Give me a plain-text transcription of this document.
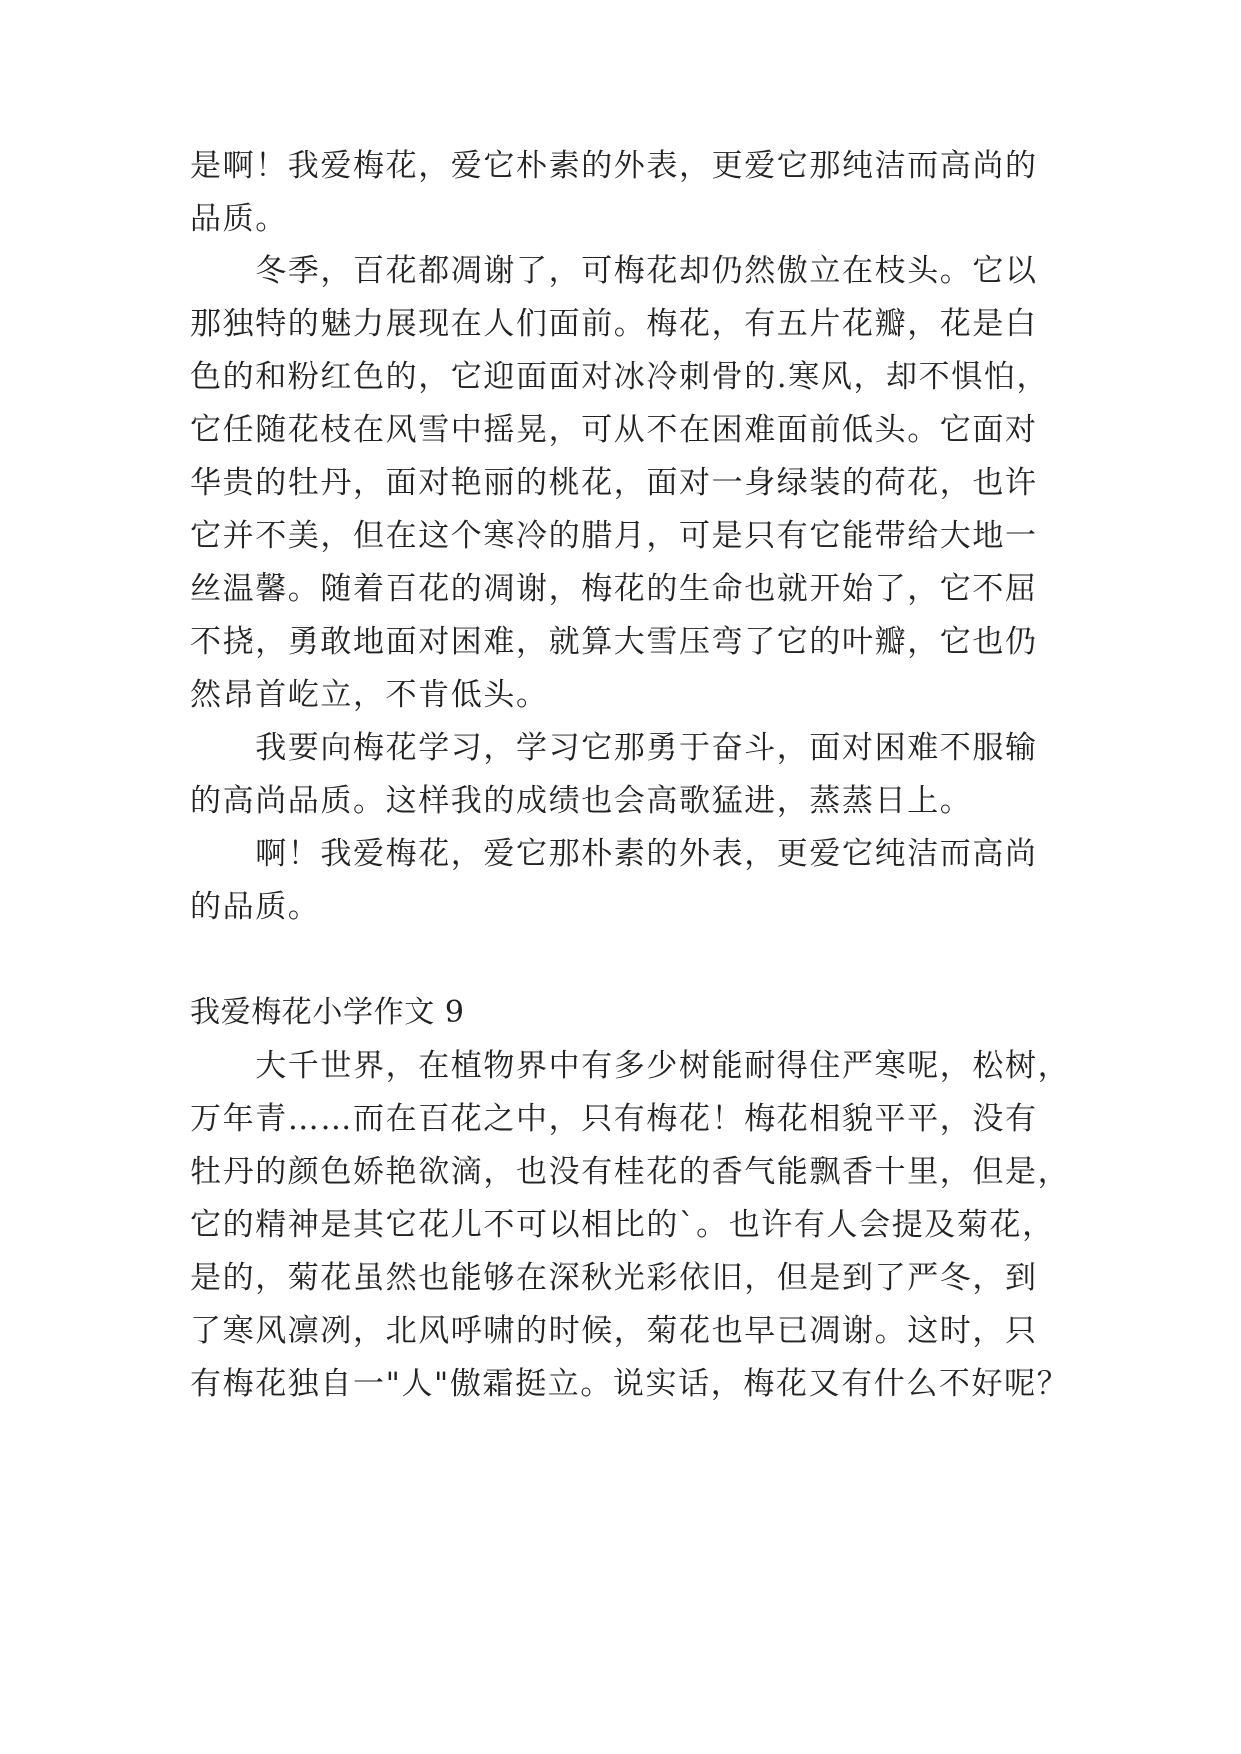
是啊！我爱梅花，爱它朴素的外表，更爱它那纯洁而高尚的
品质。
　　冬季，百花都凋谢了，可梅花却仍然傲立在枝头。它以
那独特的魅力展现在人们面前。梅花，有五片花瓣，花是白
色的和粉红色的，它迎面面对冰冷刺骨的.寒风，却不惧怕，
它任随花枝在风雪中摇晃，可从不在困难面前低头。它面对
华贵的牡丹，面对艳丽的桃花，面对一身绿装的荷花，也许
它并不美，但在这个寒冷的腊月，可是只有它能带给大地一
丝温馨。随着百花的凋谢，梅花的生命也就开始了，它不屈
不挠，勇敢地面对困难，就算大雪压弯了它的叶瓣，它也仍
然昂首屹立，不肯低头。
　　我要向梅花学习，学习它那勇于奋斗，面对困难不服输
的高尚品质。这样我的成绩也会高歌猛进，蒸蒸日上。
　　啊！我爱梅花，爱它那朴素的外表，更爱它纯洁而高尚
的品质。
我爱梅花小学作文 9
　　大千世界，在植物界中有多少树能耐得住严寒呢，松树，
万年青……而在百花之中，只有梅花！梅花相貌平平，没有
牡丹的颜色娇艳欲滴，也没有桂花的香气能飘香十里，但是，
它的精神是其它花儿不可以相比的`。也许有人会提及菊花，
是的，菊花虽然也能够在深秋光彩依旧，但是到了严冬，到
了寒风凛冽，北风呼啸的时候，菊花也早已凋谢。这时，只
有梅花独自一"人"傲霜挺立。说实话，梅花又有什么不好呢？
